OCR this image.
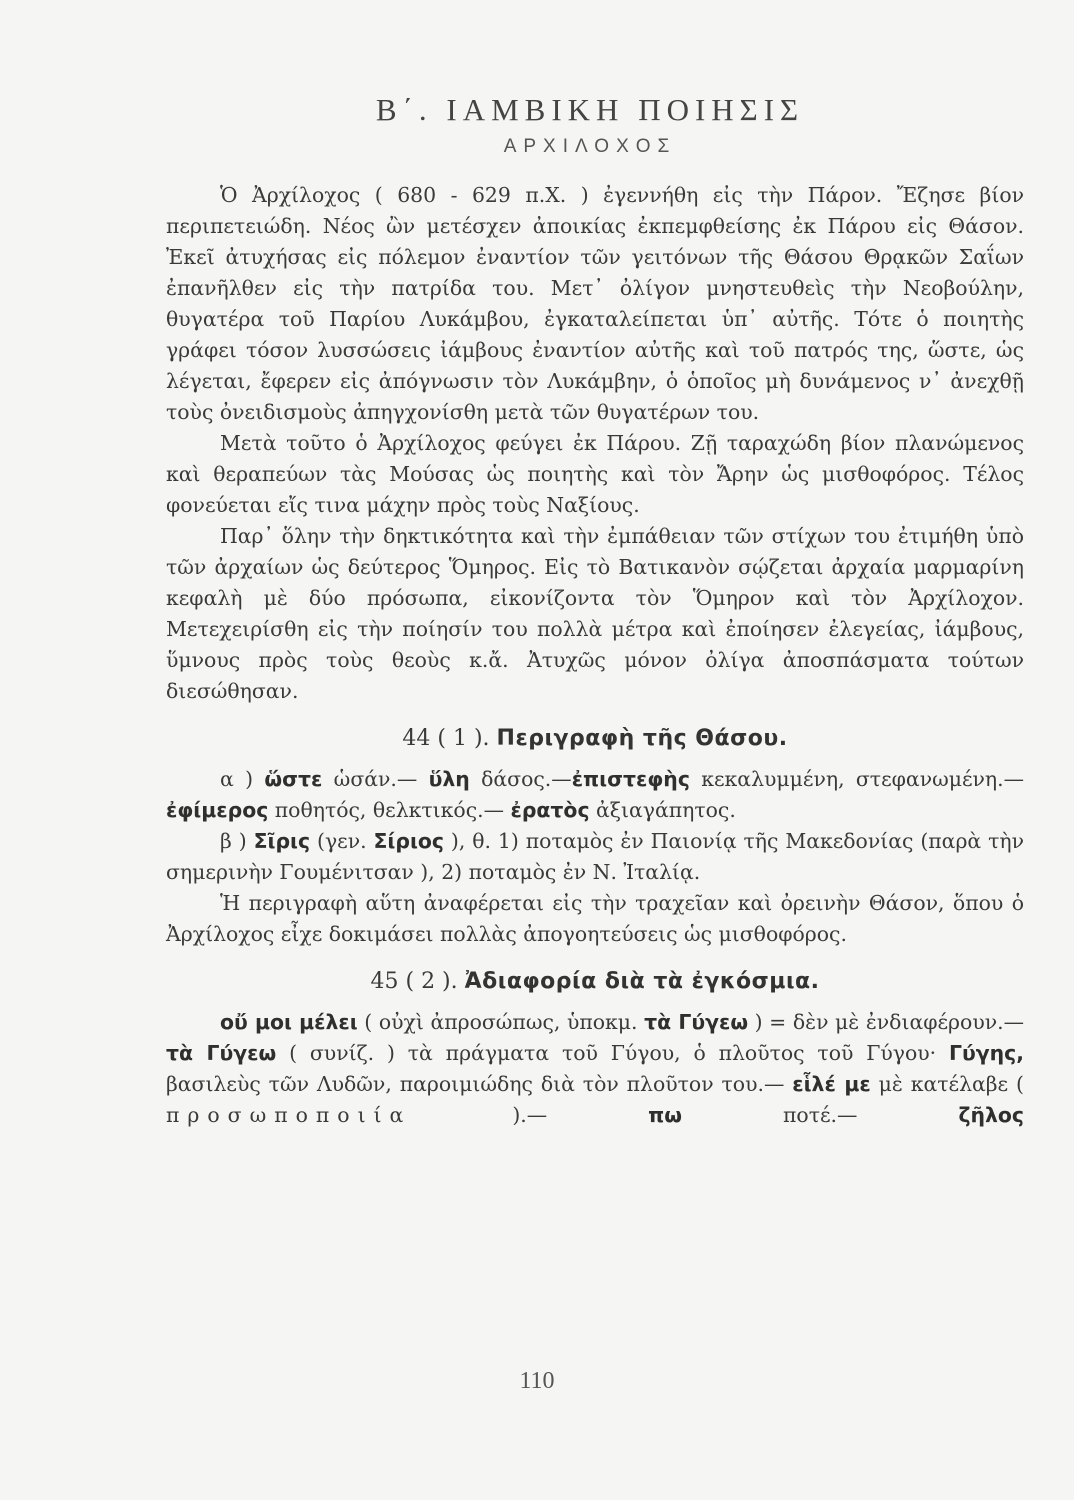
Β΄. ΙΑΜΒΙΚΗ ΠΟΙΗΣΙΣ
ΑΡΧΙΛΟΧΟΣ

Ὁ Ἀρχίλοχος ( 680 - 629 π.Χ. ) ἐγεννήθη εἰς τὴν Πάρον. Ἔζησε βίον περιπετειώδη. Νέος ὢν μετέσχεν ἀποικίας ἐκπεμφθείσης ἐκ Πάρου εἰς Θάσον. Ἐκεῖ ἀτυχήσας εἰς πόλεμον ἐναντίον τῶν γειτόνων τῆς Θάσου Θρᾳκῶν Σαΐων ἐπανῆλθεν εἰς τὴν πατρίδα του. Μετ᾽ ὀλίγον μνηστευθεὶς τὴν Νεοβούλην, θυγατέρα τοῦ Παρίου Λυκάμβου, ἐγκαταλείπεται ὑπ᾽ αὐτῆς. Τότε ὁ ποιητὴς γράφει τόσον λυσσώσεις ἰάμβους ἐναντίον αὐτῆς καὶ τοῦ πατρός της, ὥστε, ὡς λέγεται, ἔφερεν εἰς ἀπόγνωσιν τὸν Λυκάμβην, ὁ ὁποῖος μὴ δυνάμενος ν᾽ ἀνεχθῇ τοὺς ὀνειδισμοὺς ἀπηγχονίσθη μετὰ τῶν θυγατέρων του.

Μετὰ τοῦτο ὁ Ἀρχίλοχος φεύγει ἐκ Πάρου. Ζῇ ταραχώδη βίον πλανώμενος καὶ θεραπεύων τὰς Μούσας ὡς ποιητὴς καὶ τὸν Ἄρην ὡς μισθοφόρος. Τέλος φονεύεται εἴς τινα μάχην πρὸς τοὺς Ναξίους.

Παρ᾽ ὅλην τὴν δηκτικότητα καὶ τὴν ἐμπάθειαν τῶν στίχων του ἐτιμήθη ὑπὸ τῶν ἀρχαίων ὡς δεύτερος Ὅμηρος. Εἰς τὸ Βατικανὸν σῴζεται ἀρχαία μαρμαρίνη κεφαλὴ μὲ δύο πρόσωπα, εἰκονίζοντα τὸν Ὅμηρον καὶ τὸν Ἀρχίλοχον. Μετεχειρίσθη εἰς τὴν ποίησίν του πολλὰ μέτρα καὶ ἐποίησεν ἐλεγείας, ἰάμβους, ὕμνους πρὸς τοὺς θεοὺς κ.ἄ. Ἀτυχῶς μόνον ὀλίγα ἀποσπάσματα τούτων διεσώθησαν.

44 ( 1 ). Περιγραφὴ τῆς Θάσου.

α ) ὥστε ὡσάν.— ὕλη δάσος.—ἐπιστεφὴς κεκαλυμμένη, στεφανωμένη.— ἐφίμερος ποθητός, θελκτικός.— ἐρατὸς ἀξιαγάπητος.

β ) Σῖρις (γεν. Σίριος ), θ. 1) ποταμὸς ἐν Παιονίᾳ τῆς Μακεδονίας (παρὰ τὴν σημερινὴν Γουμένιτσαν ), 2) ποταμὸς ἐν Ν. Ἰταλίᾳ.

Ἡ περιγραφὴ αὕτη ἀναφέρεται εἰς τὴν τραχεῖαν καὶ ὀρεινὴν Θάσον, ὅπου ὁ Ἀρχίλοχος εἶχε δοκιμάσει πολλὰς ἀπογοητεύσεις ὡς μισθοφόρος.

45 ( 2 ). Ἀδιαφορία διὰ τὰ ἐγκόσμια.

οὔ μοι μέλει ( οὐχὶ ἀπροσώπως, ὑποκμ. τὰ Γύγεω ) = δὲν μὲ ἐνδιαφέρουν.— τὰ Γύγεω ( συνίζ. ) τὰ πράγματα τοῦ Γύγου, ὁ πλοῦτος τοῦ Γύγου· Γύγης, βασιλεὺς τῶν Λυδῶν, παροιμιώδης διὰ τὸν πλοῦτον του.— εἷλέ με μὲ κατέλαβε ( προσωποποιία ).— πω ποτέ.— ζῆλος

110
